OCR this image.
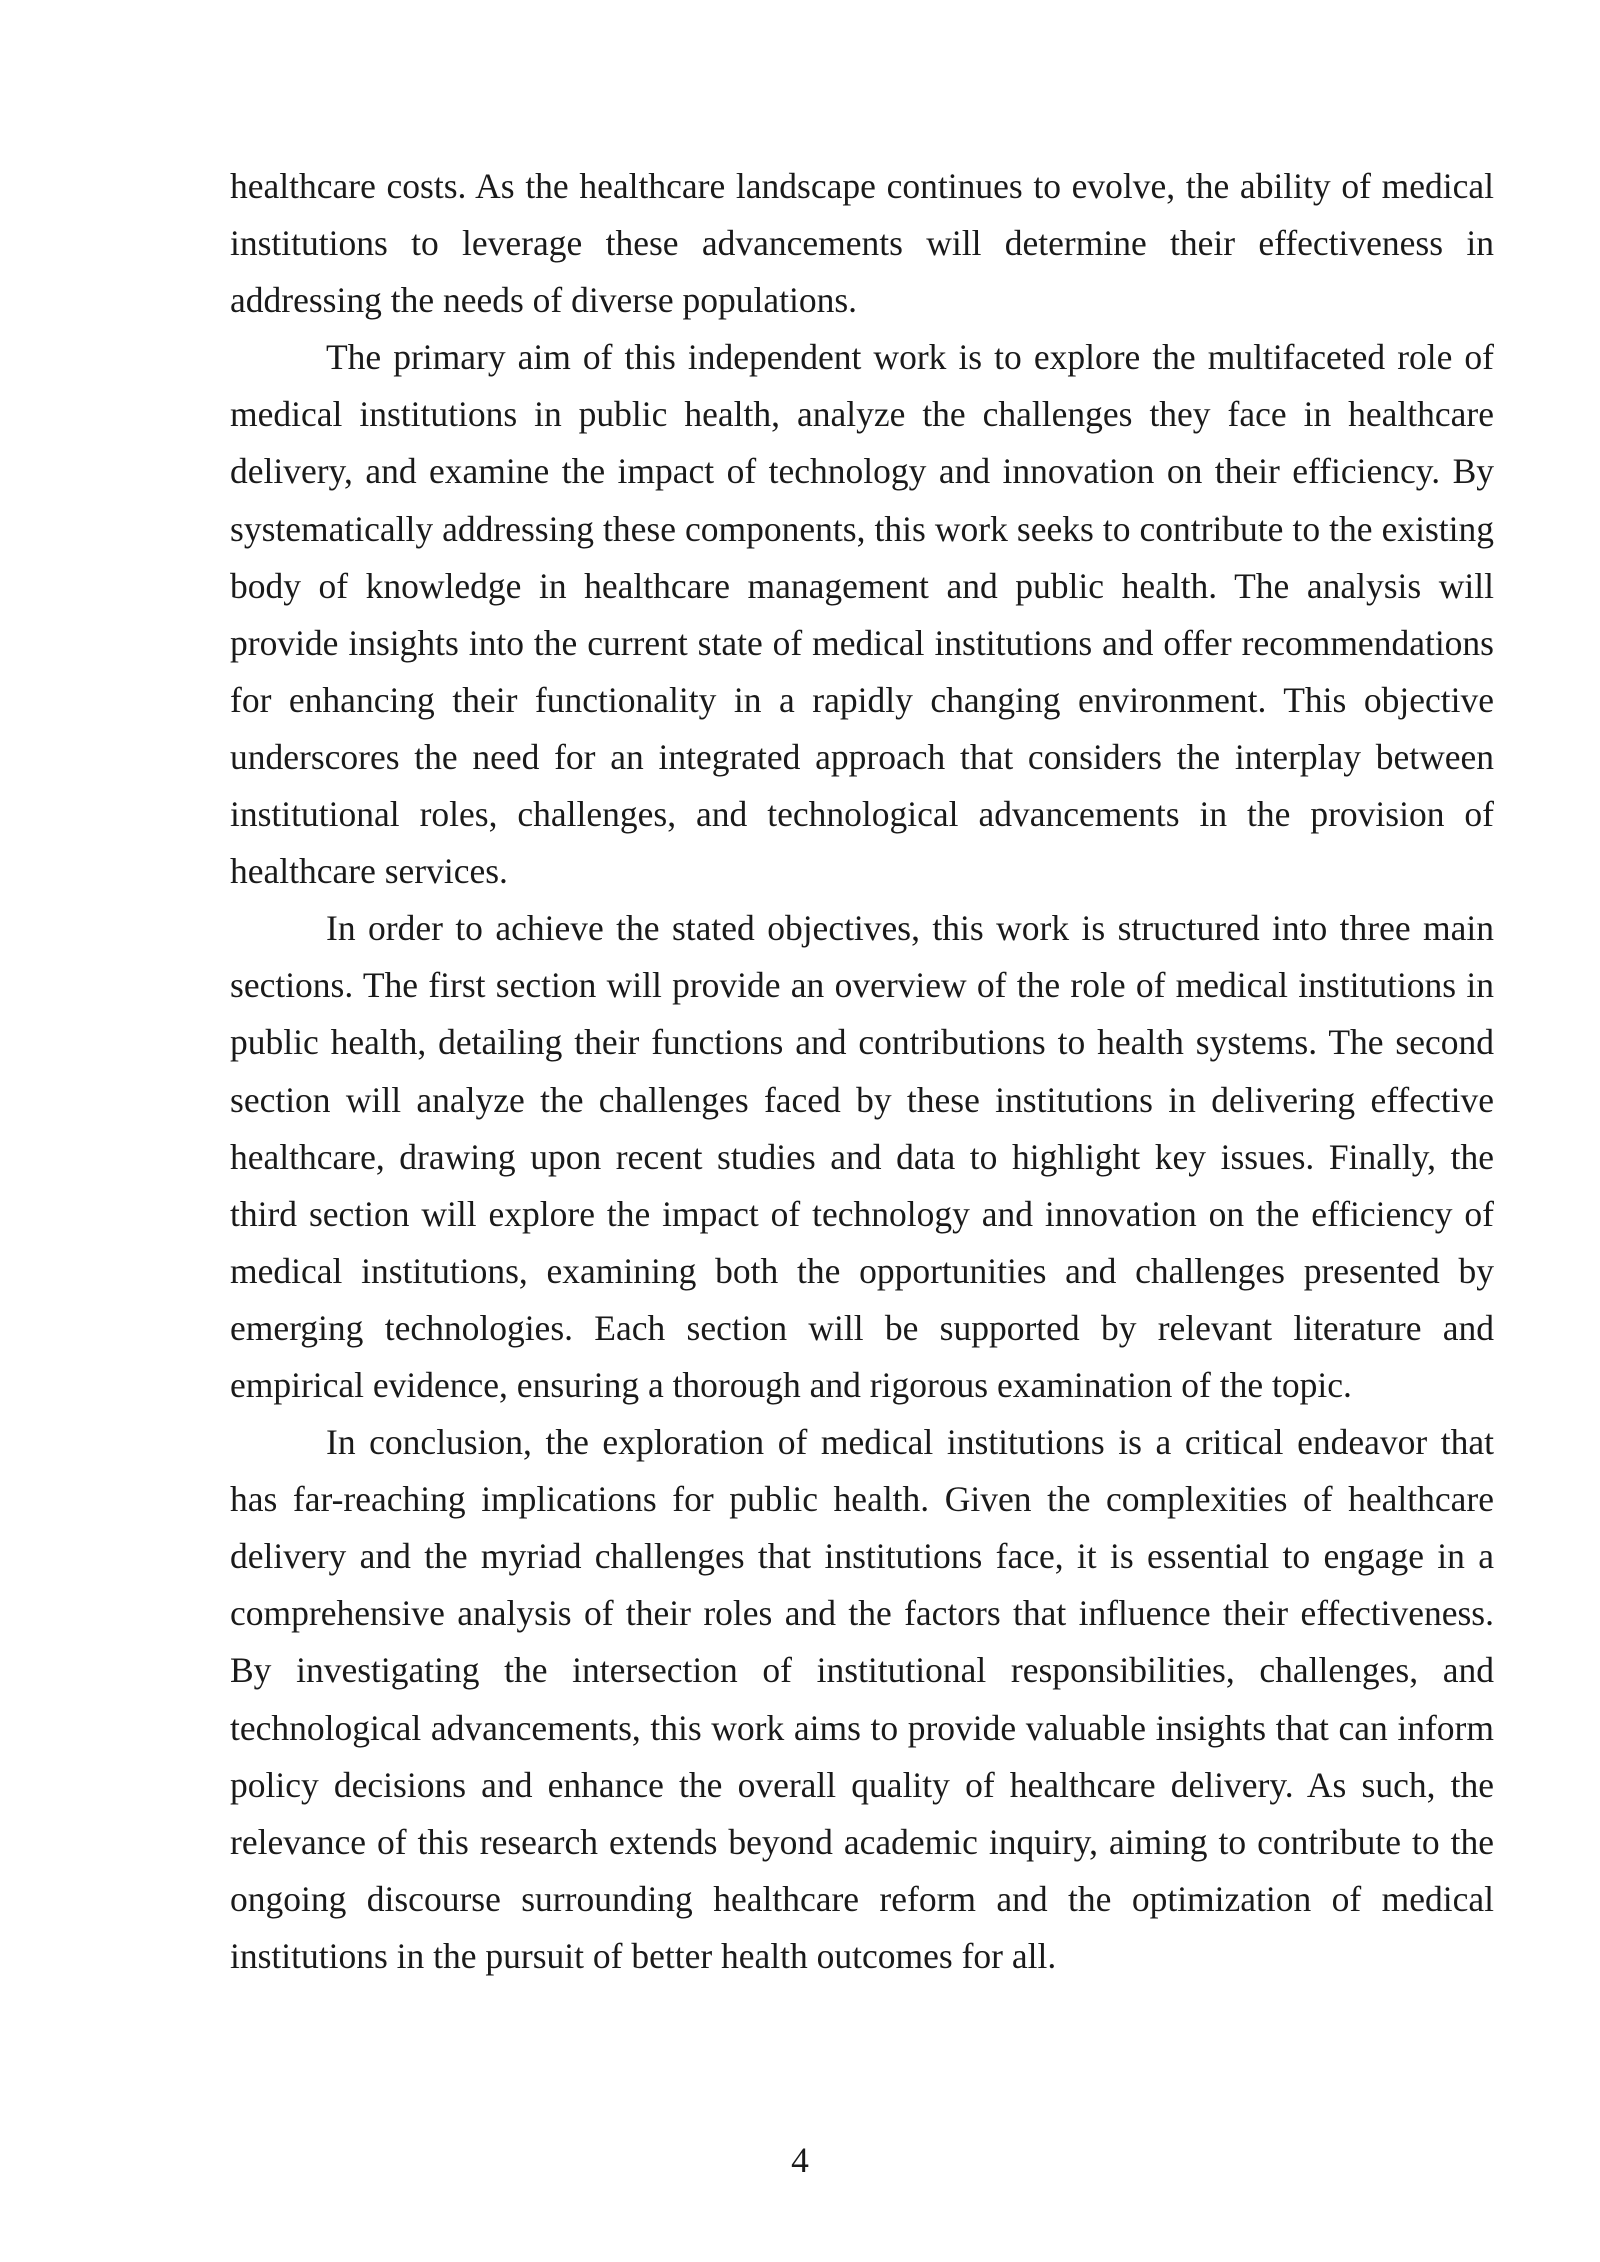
healthcare costs. As the healthcare landscape continues to evolve, the ability of medical institutions to leverage these advancements will determine their effectiveness in addressing the needs of diverse populations.

The primary aim of this independent work is to explore the multifaceted role of medical institutions in public health, analyze the challenges they face in healthcare delivery, and examine the impact of technology and innovation on their efficiency. By systematically addressing these components, this work seeks to contribute to the existing body of knowledge in healthcare management and public health. The analysis will provide insights into the current state of medical institutions and offer recommendations for enhancing their functionality in a rapidly changing environment. This objective underscores the need for an integrated approach that considers the interplay between institutional roles, challenges, and technological advancements in the provision of healthcare services.

In order to achieve the stated objectives, this work is structured into three main sections. The first section will provide an overview of the role of medical institutions in public health, detailing their functions and contributions to health systems. The second section will analyze the challenges faced by these institutions in delivering effective healthcare, drawing upon recent studies and data to highlight key issues. Finally, the third section will explore the impact of technology and innovation on the efficiency of medical institutions, examining both the opportunities and challenges presented by emerging technologies. Each section will be supported by relevant literature and empirical evidence, ensuring a thorough and rigorous examination of the topic.

In conclusion, the exploration of medical institutions is a critical endeavor that has far-reaching implications for public health. Given the complexities of healthcare delivery and the myriad challenges that institutions face, it is essential to engage in a comprehensive analysis of their roles and the factors that influence their effectiveness. By investigating the intersection of institutional responsibilities, challenges, and technological advancements, this work aims to provide valuable insights that can inform policy decisions and enhance the overall quality of healthcare delivery. As such, the relevance of this research extends beyond academic inquiry, aiming to contribute to the ongoing discourse surrounding healthcare reform and the optimization of medical institutions in the pursuit of better health outcomes for all.

4
